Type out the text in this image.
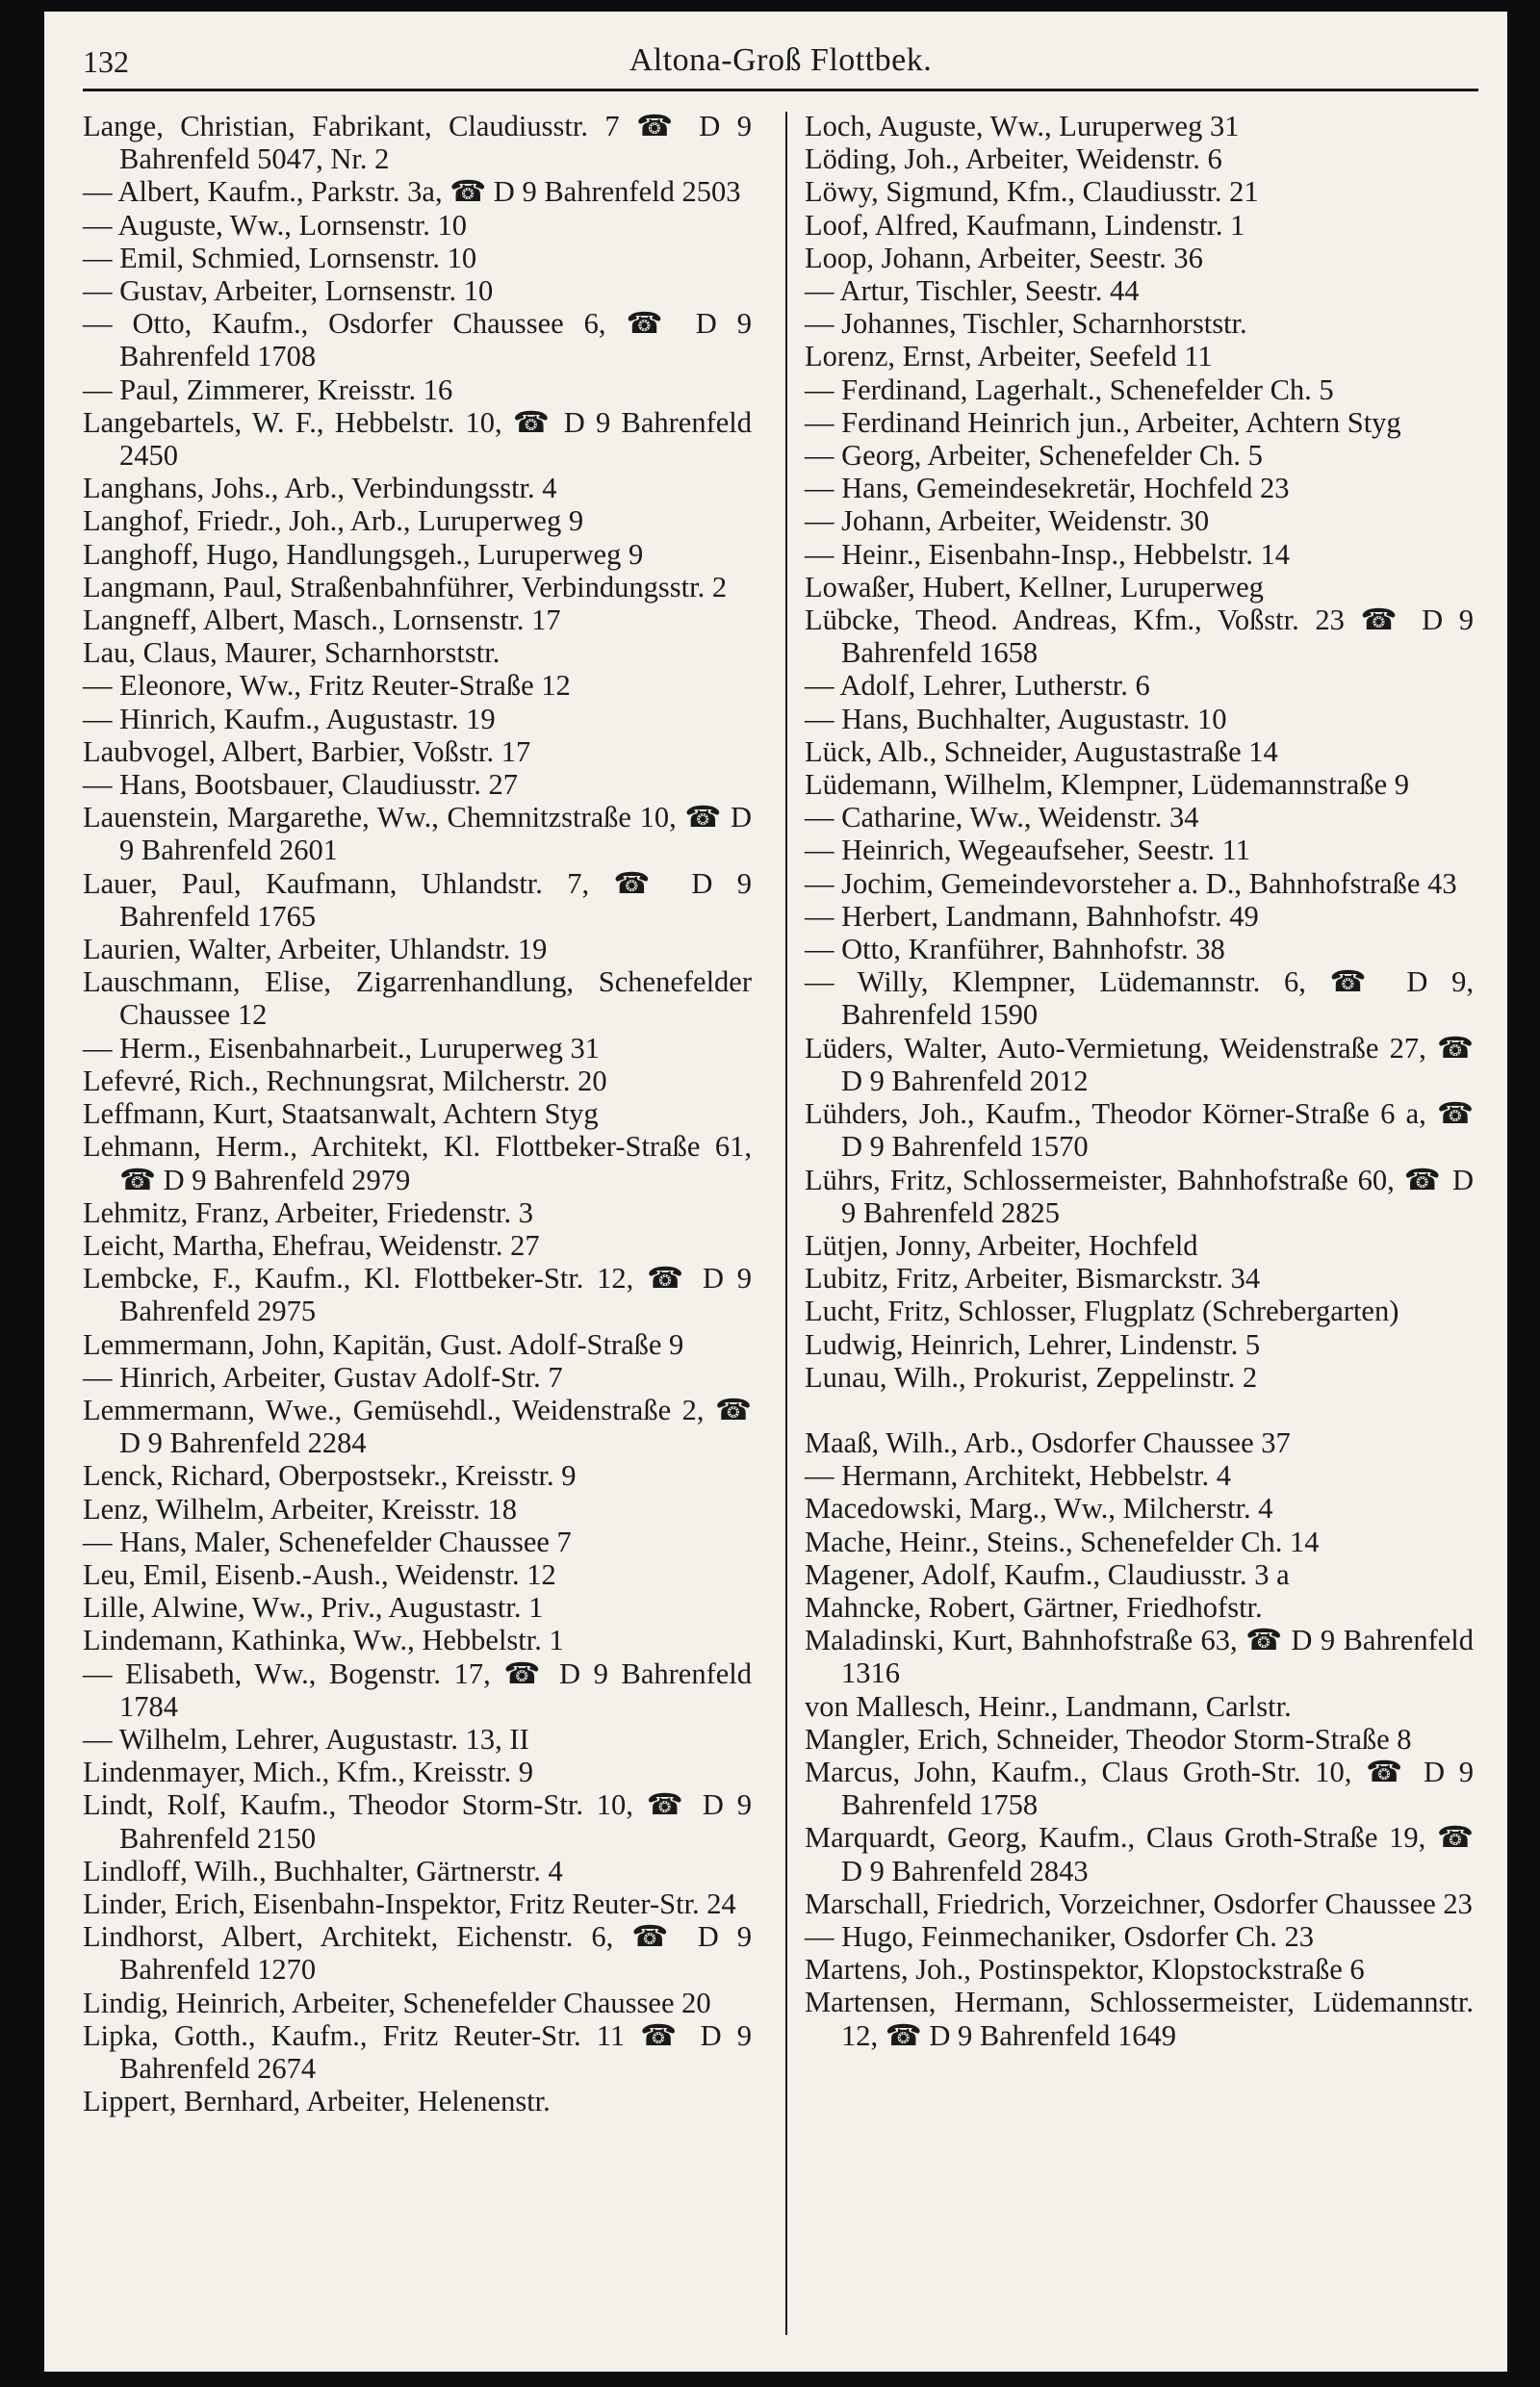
132	Altona-Groß Flottbek.
Lange, Christian, Fabrikant, Claudiusstr. 7 ☎ D 9 Bahrenfeld 5047, Nr. 2
— Albert, Kaufm., Parkstr. 3a, ☎ D 9 Bahrenfeld 2503
— Auguste, Ww., Lornsenstr. 10
— Emil, Schmied, Lornsenstr. 10
— Gustav, Arbeiter, Lornsenstr. 10
— Otto, Kaufm., Osdorfer Chaussee 6, ☎ D 9 Bahrenfeld 1708
— Paul, Zimmerer, Kreisstr. 16
Langebartels, W. F., Hebbelstr. 10, ☎ D 9 Bahrenfeld 2450
Langhans, Johs., Arb., Verbindungsstr. 4
Langhof, Friedr., Joh., Arb., Luruperweg 9
Langhoff, Hugo, Handlungsgeh., Luruperweg 9
Langmann, Paul, Straßenbahnführer, Verbindungsstr. 2
Langneff, Albert, Masch., Lornsenstr. 17
Lau, Claus, Maurer, Scharnhorststr.
— Eleonore, Ww., Fritz Reuter-Straße 12
— Hinrich, Kaufm., Augustastr. 19
Laubvogel, Albert, Barbier, Voßstr. 17
— Hans, Bootsbauer, Claudiusstr. 27
Lauenstein, Margarethe, Ww., Chemnitzstraße 10, ☎ D 9 Bahrenfeld 2601
Lauer, Paul, Kaufmann, Uhlandstr. 7, ☎ D 9 Bahrenfeld 1765
Laurien, Walter, Arbeiter, Uhlandstr. 19
Lauschmann, Elise, Zigarrenhandlung, Schenefelder Chaussee 12
— Herm., Eisenbahnarbeit., Luruperweg 31
Lefevré, Rich., Rechnungsrat, Milcherstr. 20
Leffmann, Kurt, Staatsanwalt, Achtern Styg
Lehmann, Herm., Architekt, Kl. Flottbeker-Straße 61, ☎ D 9 Bahrenfeld 2979
Lehmitz, Franz, Arbeiter, Friedenstr. 3
Leicht, Martha, Ehefrau, Weidenstr. 27
Lembcke, F., Kaufm., Kl. Flottbeker-Str. 12, ☎ D 9 Bahrenfeld 2975
Lemmermann, John, Kapitän, Gust. Adolf-Straße 9
— Hinrich, Arbeiter, Gustav Adolf-Str. 7
Lemmermann, Wwe., Gemüsehdl., Weidenstraße 2, ☎ D 9 Bahrenfeld 2284
Lenck, Richard, Oberpostsekr., Kreisstr. 9
Lenz, Wilhelm, Arbeiter, Kreisstr. 18
— Hans, Maler, Schenefelder Chaussee 7
Leu, Emil, Eisenb.-Aush., Weidenstr. 12
Lille, Alwine, Ww., Priv., Augustastr. 1
Lindemann, Kathinka, Ww., Hebbelstr. 1
— Elisabeth, Ww., Bogenstr. 17, ☎ D 9 Bahrenfeld 1784
— Wilhelm, Lehrer, Augustastr. 13, II
Lindenmayer, Mich., Kfm., Kreisstr. 9
Lindt, Rolf, Kaufm., Theodor Storm-Str. 10, ☎ D 9 Bahrenfeld 2150
Lindloff, Wilh., Buchhalter, Gärtnerstr. 4
Linder, Erich, Eisenbahn-Inspektor, Fritz Reuter-Str. 24
Lindhorst, Albert, Architekt, Eichenstr. 6, ☎ D 9 Bahrenfeld 1270
Lindig, Heinrich, Arbeiter, Schenefelder Chaussee 20
Lipka, Gotth., Kaufm., Fritz Reuter-Str. 11 ☎ D 9 Bahrenfeld 2674
Lippert, Bernhard, Arbeiter, Helenenstr.
Loch, Auguste, Ww., Luruperweg 31
Löding, Joh., Arbeiter, Weidenstr. 6
Löwy, Sigmund, Kfm., Claudiusstr. 21
Loof, Alfred, Kaufmann, Lindenstr. 1
Loop, Johann, Arbeiter, Seestr. 36
— Artur, Tischler, Seestr. 44
— Johannes, Tischler, Scharnhorststr.
Lorenz, Ernst, Arbeiter, Seefeld 11
— Ferdinand, Lagerhalt., Schenefelder Ch. 5
— Ferdinand Heinrich jun., Arbeiter, Achtern Styg
— Georg, Arbeiter, Schenefelder Ch. 5
— Hans, Gemeindesekretär, Hochfeld 23
— Johann, Arbeiter, Weidenstr. 30
— Heinr., Eisenbahn-Insp., Hebbelstr. 14
Lowaßer, Hubert, Kellner, Luruperweg
Lübcke, Theod. Andreas, Kfm., Voßstr. 23 ☎ D 9 Bahrenfeld 1658
— Adolf, Lehrer, Lutherstr. 6
— Hans, Buchhalter, Augustastr. 10
Lück, Alb., Schneider, Augustastraße 14
Lüdemann, Wilhelm, Klempner, Lüdemannstraße 9
— Catharine, Ww., Weidenstr. 34
— Heinrich, Wegeaufseher, Seestr. 11
— Jochim, Gemeindevorsteher a. D., Bahnhofstraße 43
— Herbert, Landmann, Bahnhofstr. 49
— Otto, Kranführer, Bahnhofstr. 38
— Willy, Klempner, Lüdemannstr. 6, ☎ D 9, Bahrenfeld 1590
Lüders, Walter, Auto-Vermietung, Weidenstraße 27, ☎ D 9 Bahrenfeld 2012
Lühders, Joh., Kaufm., Theodor Körner-Straße 6 a, ☎ D 9 Bahrenfeld 1570
Lührs, Fritz, Schlossermeister, Bahnhofstraße 60, ☎ D 9 Bahrenfeld 2825
Lütjen, Jonny, Arbeiter, Hochfeld
Lubitz, Fritz, Arbeiter, Bismarckstr. 34
Lucht, Fritz, Schlosser, Flugplatz (Schrebergarten)
Ludwig, Heinrich, Lehrer, Lindenstr. 5
Lunau, Wilh., Prokurist, Zeppelinstr. 2
Maaß, Wilh., Arb., Osdorfer Chaussee 37
— Hermann, Architekt, Hebbelstr. 4
Macedowski, Marg., Ww., Milcherstr. 4
Mache, Heinr., Steins., Schenefelder Ch. 14
Magener, Adolf, Kaufm., Claudiusstr. 3 a
Mahncke, Robert, Gärtner, Friedhofstr.
Maladinski, Kurt, Bahnhofstraße 63, ☎ D 9 Bahrenfeld 1316
von Mallesch, Heinr., Landmann, Carlstr.
Mangler, Erich, Schneider, Theodor Storm-Straße 8
Marcus, John, Kaufm., Claus Groth-Str. 10, ☎ D 9 Bahrenfeld 1758
Marquardt, Georg, Kaufm., Claus Groth-Straße 19, ☎ D 9 Bahrenfeld 2843
Marschall, Friedrich, Vorzeichner, Osdorfer Chaussee 23
— Hugo, Feinmechaniker, Osdorfer Ch. 23
Martens, Joh., Postinspektor, Klopstockstraße 6
Martensen, Hermann, Schlossermeister, Lüdemannstr. 12, ☎ D 9 Bahrenfeld 1649
